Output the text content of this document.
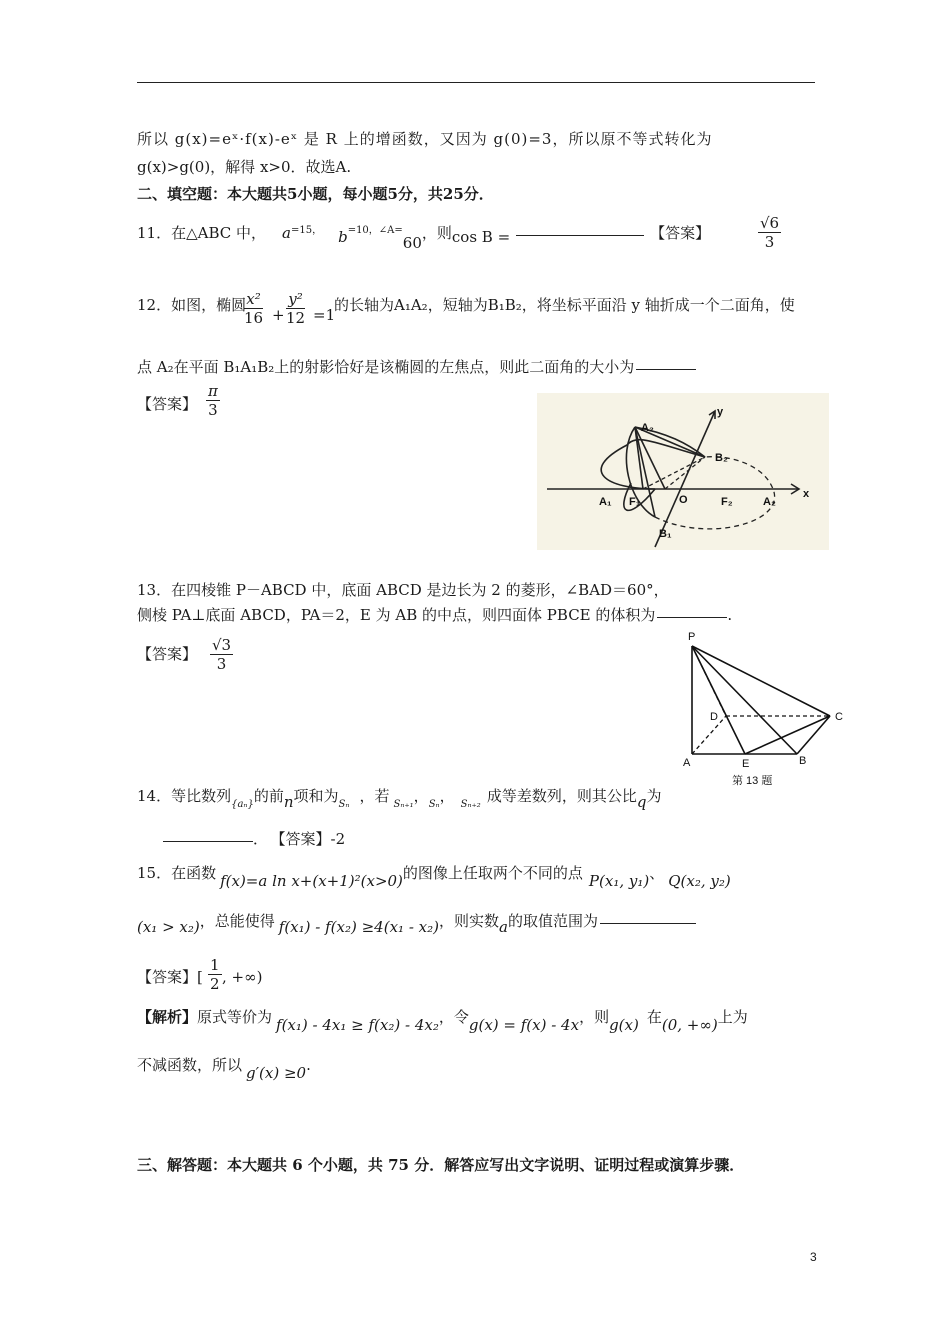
所以 g(x)=eˣ·f(x)-eˣ 是 R 上的增函数，又因为 g(0)=3，所以原不等式转化为
g(x)>g(0)，解得 x>0．故选A.
二、填空题：本大题共5小题，每小题5分，共25分．
11．在△ABC 中， $a^{=15,}$ $b^{=10,\angle A=}60$，则cos B =	【答案】	$\frac{√6}{3}$
12．如图，椭圆
$\frac{\text{x²}}{16} + \frac{\text{y²}}{12} =1$
的长轴为A₁A₂，短轴为B₁B₂，将坐标平面沿 y 轴折成一个二面角，使
点 A₂在平面 B₁A₁B₂上的射影恰好是该椭圆的左焦点，则此二面角的大小为
【答案】 $\frac{\pi}{3}$	y
x
A₂
B₂
A₁ F₁	O	F₂	A₂
B₁
13．在四棱锥 P－ABCD 中，底面 ABCD 是边长为 2 的菱形，∠BAD＝60°，
侧棱 PA⊥底面 ABCD，PA＝2，E 为 AB 的中点，则四面体 PBCE 的体积为	.
【答案】 $\frac{√3}{3}$	P
D	C
A	E	B
第 13 题
14．等比数列$_{\{a_n\}}$的前n项和为$_{S_n}$ ，若 $_{S_{n+1}}$，$_{S_n}$， $_{S_{n+2}}$ 成等差数列，则其公比q为
． 【答案】-2
15．在函数 f(x)=a ln x+(x+1)²(x>0)的图像上任取两个不同的点 P(x₁, y₁)、 Q(x₂, y₂)
(x₁ > x₂)，总能使得 f(x₁) - f(x₂) ≥4(x₁ - x₂)，则实数a的取值范围为
【答案】[ $\frac{1}{2}$ , +∞)
【解析】原式等价为 f(x₁) - 4x₁ ≥ f(x₂) - 4x₂，令g(x) = f(x) - 4x，则g(x) 在(0, +∞)上为
不减函数，所以 g′(x) ≥0.
三、解答题：本大题共 6 个小题，共 75 分．解答应写出文字说明、证明过程或演算步骤．
3
